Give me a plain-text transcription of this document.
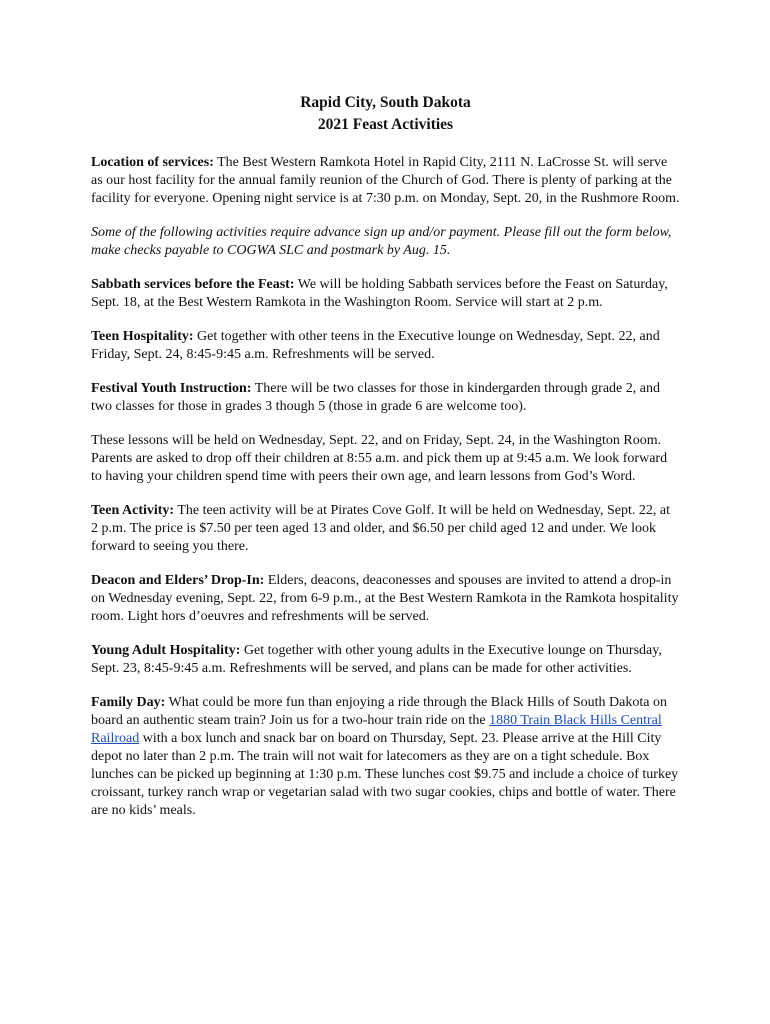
Rapid City, South Dakota
2021 Feast Activities

Location of services: The Best Western Ramkota Hotel in Rapid City, 2111 N. LaCrosse St. will serve as our host facility for the annual family reunion of the Church of God. There is plenty of parking at the facility for everyone. Opening night service is at 7:30 p.m. on Monday, Sept. 20, in the Rushmore Room.

Some of the following activities require advance sign up and/or payment. Please fill out the form below, make checks payable to COGWA SLC and postmark by Aug. 15.

Sabbath services before the Feast: We will be holding Sabbath services before the Feast on Saturday, Sept. 18, at the Best Western Ramkota in the Washington Room. Service will start at 2 p.m.

Teen Hospitality: Get together with other teens in the Executive lounge on Wednesday, Sept. 22, and Friday, Sept. 24, 8:45-9:45 a.m. Refreshments will be served.

Festival Youth Instruction: There will be two classes for those in kindergarden through grade 2, and two classes for those in grades 3 though 5 (those in grade 6 are welcome too).

These lessons will be held on Wednesday, Sept. 22, and on Friday, Sept. 24, in the Washington Room. Parents are asked to drop off their children at 8:55 a.m. and pick them up at 9:45 a.m. We look forward to having your children spend time with peers their own age, and learn lessons from God’s Word.

Teen Activity: The teen activity will be at Pirates Cove Golf. It will be held on Wednesday, Sept. 22, at 2 p.m. The price is $7.50 per teen aged 13 and older, and $6.50 per child aged 12 and under. We look forward to seeing you there.

Deacon and Elders’ Drop-In: Elders, deacons, deaconesses and spouses are invited to attend a drop-in on Wednesday evening, Sept. 22, from 6-9 p.m., at the Best Western Ramkota in the Ramkota hospitality room. Light hors d’oeuvres and refreshments will be served.

Young Adult Hospitality: Get together with other young adults in the Executive lounge on Thursday, Sept. 23, 8:45-9:45 a.m. Refreshments will be served, and plans can be made for other activities.

Family Day: What could be more fun than enjoying a ride through the Black Hills of South Dakota on board an authentic steam train? Join us for a two-hour train ride on the 1880 Train Black Hills Central Railroad with a box lunch and snack bar on board on Thursday, Sept. 23. Please arrive at the Hill City depot no later than 2 p.m. The train will not wait for latecomers as they are on a tight schedule. Box lunches can be picked up beginning at 1:30 p.m. These lunches cost $9.75 and include a choice of turkey croissant, turkey ranch wrap or vegetarian salad with two sugar cookies, chips and bottle of water. There are no kids’ meals.
